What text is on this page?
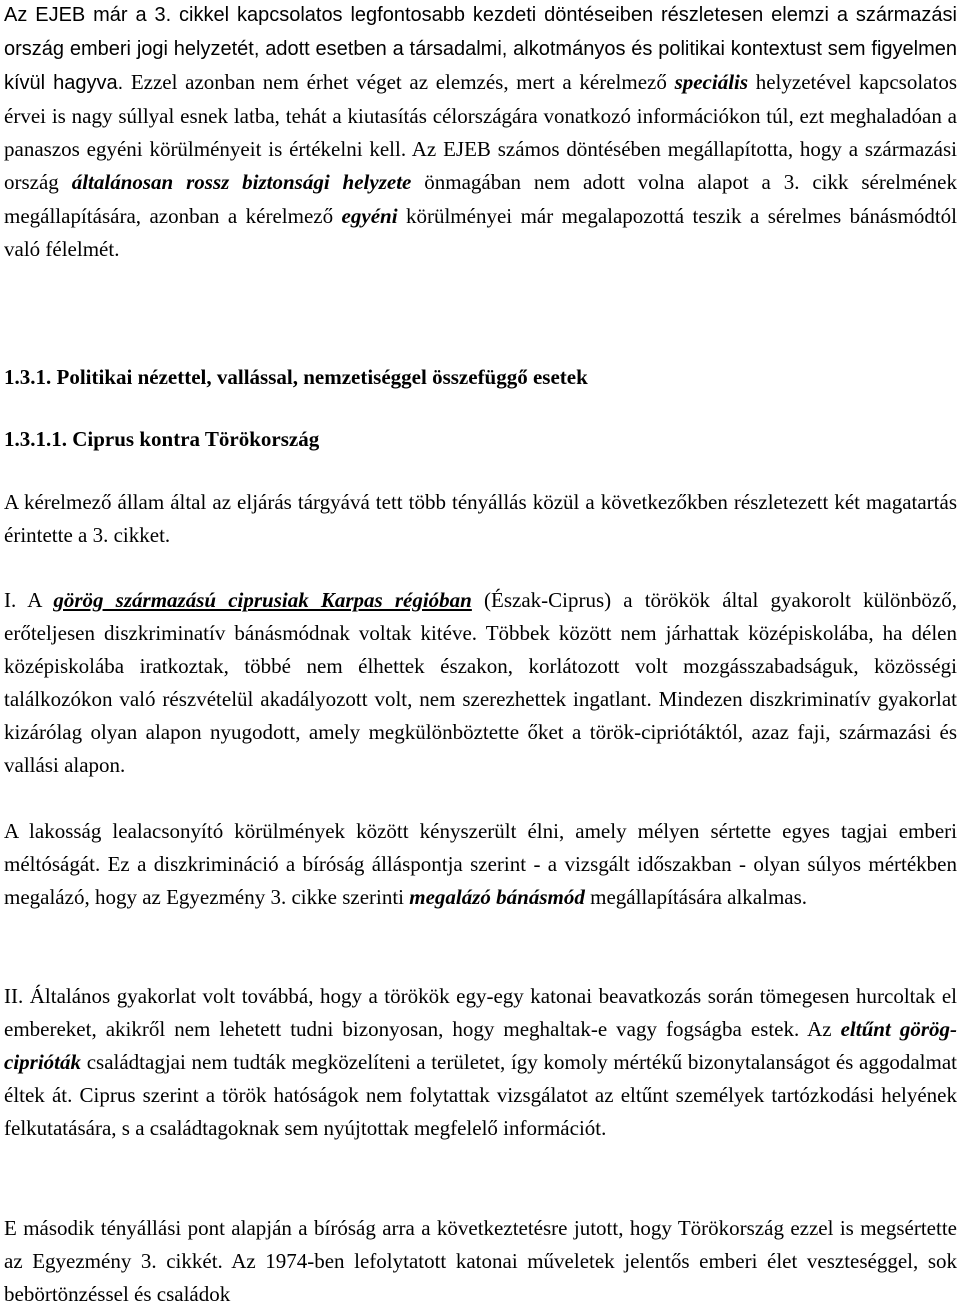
Az EJEB már a 3. cikkel kapcsolatos legfontosabb kezdeti döntéseiben részletesen elemzi a származási ország emberi jogi helyzetét, adott esetben a társadalmi, alkotmányos és politikai kontextust sem figyelmen kívül hagyva. Ezzel azonban nem érhet véget az elemzés, mert a kérelmező speciális helyzetével kapcsolatos érvei is nagy súllyal esnek latba, tehát a kiutasítás célországára vonatkozó információkon túl, ezt meghaladóan a panaszos egyéni körülményeit is értékelni kell. Az EJEB számos döntésében megállapította, hogy a származási ország általánosan rossz biztonsági helyzete önmagában nem adott volna alapot a 3. cikk sérelmének megállapítására, azonban a kérelmező egyéni körülményei már megalapozottá teszik a sérelmes bánásmódtól való félelmét.

1.3.1. Politikai nézettel, vallással, nemzetiséggel összefüggő esetek
1.3.1.1. Ciprus kontra Törökország

A kérelmező állam által az eljárás tárgyává tett több tényállás közül a következőkben részletezett két magatartás érintette a 3. cikket.

I. A görög származású ciprusiak Karpas régióban (Észak-Ciprus) a törökök által gyakorolt különböző, erőteljesen diszkriminatív bánásmódnak voltak kitéve. Többek között nem járhattak középiskolába, ha délen középiskolába iratkoztak, többé nem élhettek északon, korlátozott volt mozgásszabadságuk, közösségi találkozókon való részvételül akadályozott volt, nem szerezhettek ingatlant. Mindezen diszkriminatív gyakorlat kizárólag olyan alapon nyugodott, amely megkülönböztette őket a török-cipriótáktól, azaz faji, származási és vallási alapon.

A lakosság lealacsonyító körülmények között kényszerült élni, amely mélyen sértette egyes tagjai emberi méltóságát. Ez a diszkrimináció a bíróság álláspontja szerint - a vizsgált időszakban - olyan súlyos mértékben megalázó, hogy az Egyezmény 3. cikke szerinti megalázó bánásmód megállapítására alkalmas.

II. Általános gyakorlat volt továbbá, hogy a törökök egy-egy katonai beavatkozás során tömegesen hurcoltak el embereket, akikről nem lehetett tudni bizonyosan, hogy meghaltak-e vagy fogságba estek. Az eltűnt görög-ciprióták családtagjai nem tudták megközelíteni a területet, így komoly mértékű bizonytalanságot és aggodalmat éltek át. Ciprus szerint a török hatóságok nem folytattak vizsgálatot az eltűnt személyek tartózkodási helyének felkutatására, s a családtagoknak sem nyújtottak megfelelő információt.

E második tényállási pont alapján a bíróság arra a következtetésre jutott, hogy Törökország ezzel is megsértette az Egyezmény 3. cikkét. Az 1974-ben lefolytatott katonai műveletek jelentős emberi élet veszteséggel, sok bebörtönzéssel és családok
